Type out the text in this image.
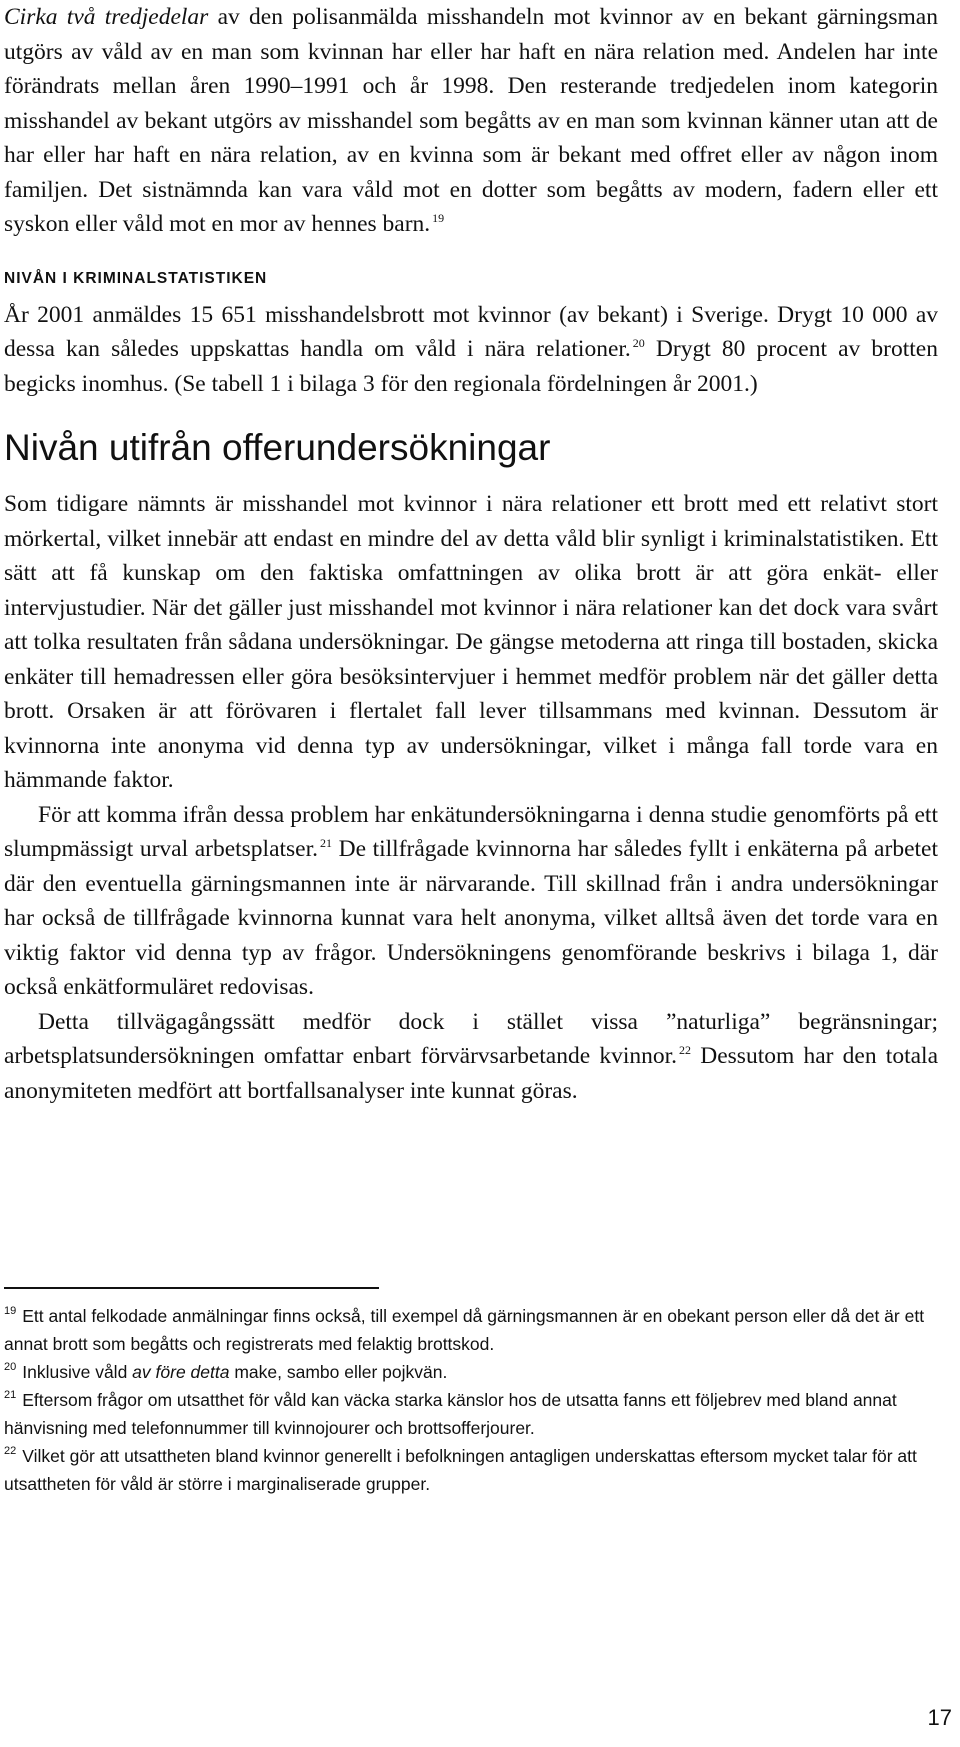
Cirka två tredjedelar av den polisanmälda misshandeln mot kvinnor av en bekant gärningsman utgörs av våld av en man som kvinnan har eller har haft en nära relation med. Andelen har inte förändrats mellan åren 1990–1991 och år 1998. Den resterande tredjedelen inom kategorin misshandel av bekant utgörs av misshandel som begåtts av en man som kvinnan känner utan att de har eller har haft en nära relation, av en kvinna som är bekant med offret eller av någon inom familjen. Det sistnämnda kan vara våld mot en dotter som begåtts av modern, fadern eller ett syskon eller våld mot en mor av hennes barn. $^{19}$

NIVÅN I KRIMINALSTATISTIKEN

År 2001 anmäldes 15 651 misshandelsbrott mot kvinnor (av bekant) i Sverige. Drygt 10 000 av dessa kan således uppskattas handla om våld i nära relationer. $^{20}$ Drygt 80 procent av brotten begicks inomhus. (Se tabell 1 i bilaga 3 för den regionala fördelningen år 2001.)

Nivån utifrån offerundersökningar

Som tidigare nämnts är misshandel mot kvinnor i nära relationer ett brott med ett relativt stort mörkertal, vilket innebär att endast en mindre del av detta våld blir synligt i kriminalstatistiken. Ett sätt att få kunskap om den faktiska omfattningen av olika brott är att göra enkät- eller intervjustudier. När det gäller just misshandel mot kvinnor i nära relationer kan det dock vara svårt att tolka resultaten från sådana undersökningar. De gängse metoderna att ringa till bostaden, skicka enkäter till hemadressen eller göra besöksintervjuer i hemmet medför problem när det gäller detta brott. Orsaken är att förövaren i flertalet fall lever tillsammans med kvinnan. Dessutom är kvinnorna inte anonyma vid denna typ av undersökningar, vilket i många fall torde vara en hämmande faktor.

För att komma ifrån dessa problem har enkätundersökningarna i denna studie genomförts på ett slumpmässigt urval arbetsplatser. $^{21}$ De tillfrågade kvinnorna har således fyllt i enkäterna på arbetet där den eventuella gärningsmannen inte är närvarande. Till skillnad från i andra undersökningar har också de tillfrågade kvinnorna kunnat vara helt anonyma, vilket alltså även det torde vara en viktig faktor vid denna typ av frågor. Undersökningens genomförande beskrivs i bilaga 1, där också enkätformuläret redovisas.

Detta tillvägagångssätt medför dock i stället vissa ”naturliga” begränsningar; arbetsplatsundersökningen omfattar enbart förvärvsarbetande kvinnor. $^{22}$ Dessutom har den totala anonymiteten medfört att bortfallsanalyser inte kunnat göras.

$^{19}$ Ett antal felkodade anmälningar finns också, till exempel då gärningsmannen är en obekant person eller då det är ett annat brott som begåtts och registrerats med felaktig brottskod.

$^{20}$ Inklusive våld av före detta make, sambo eller pojkvän.

$^{21}$ Eftersom frågor om utsatthet för våld kan väcka starka känslor hos de utsatta fanns ett följebrev med bland annat hänvisning med telefonnummer till kvinnojourer och brottsofferjourer.

$^{22}$ Vilket gör att utsattheten bland kvinnor generellt i befolkningen antagligen underskattas eftersom mycket talar för att utsattheten för våld är större i marginaliserade grupper.

17
